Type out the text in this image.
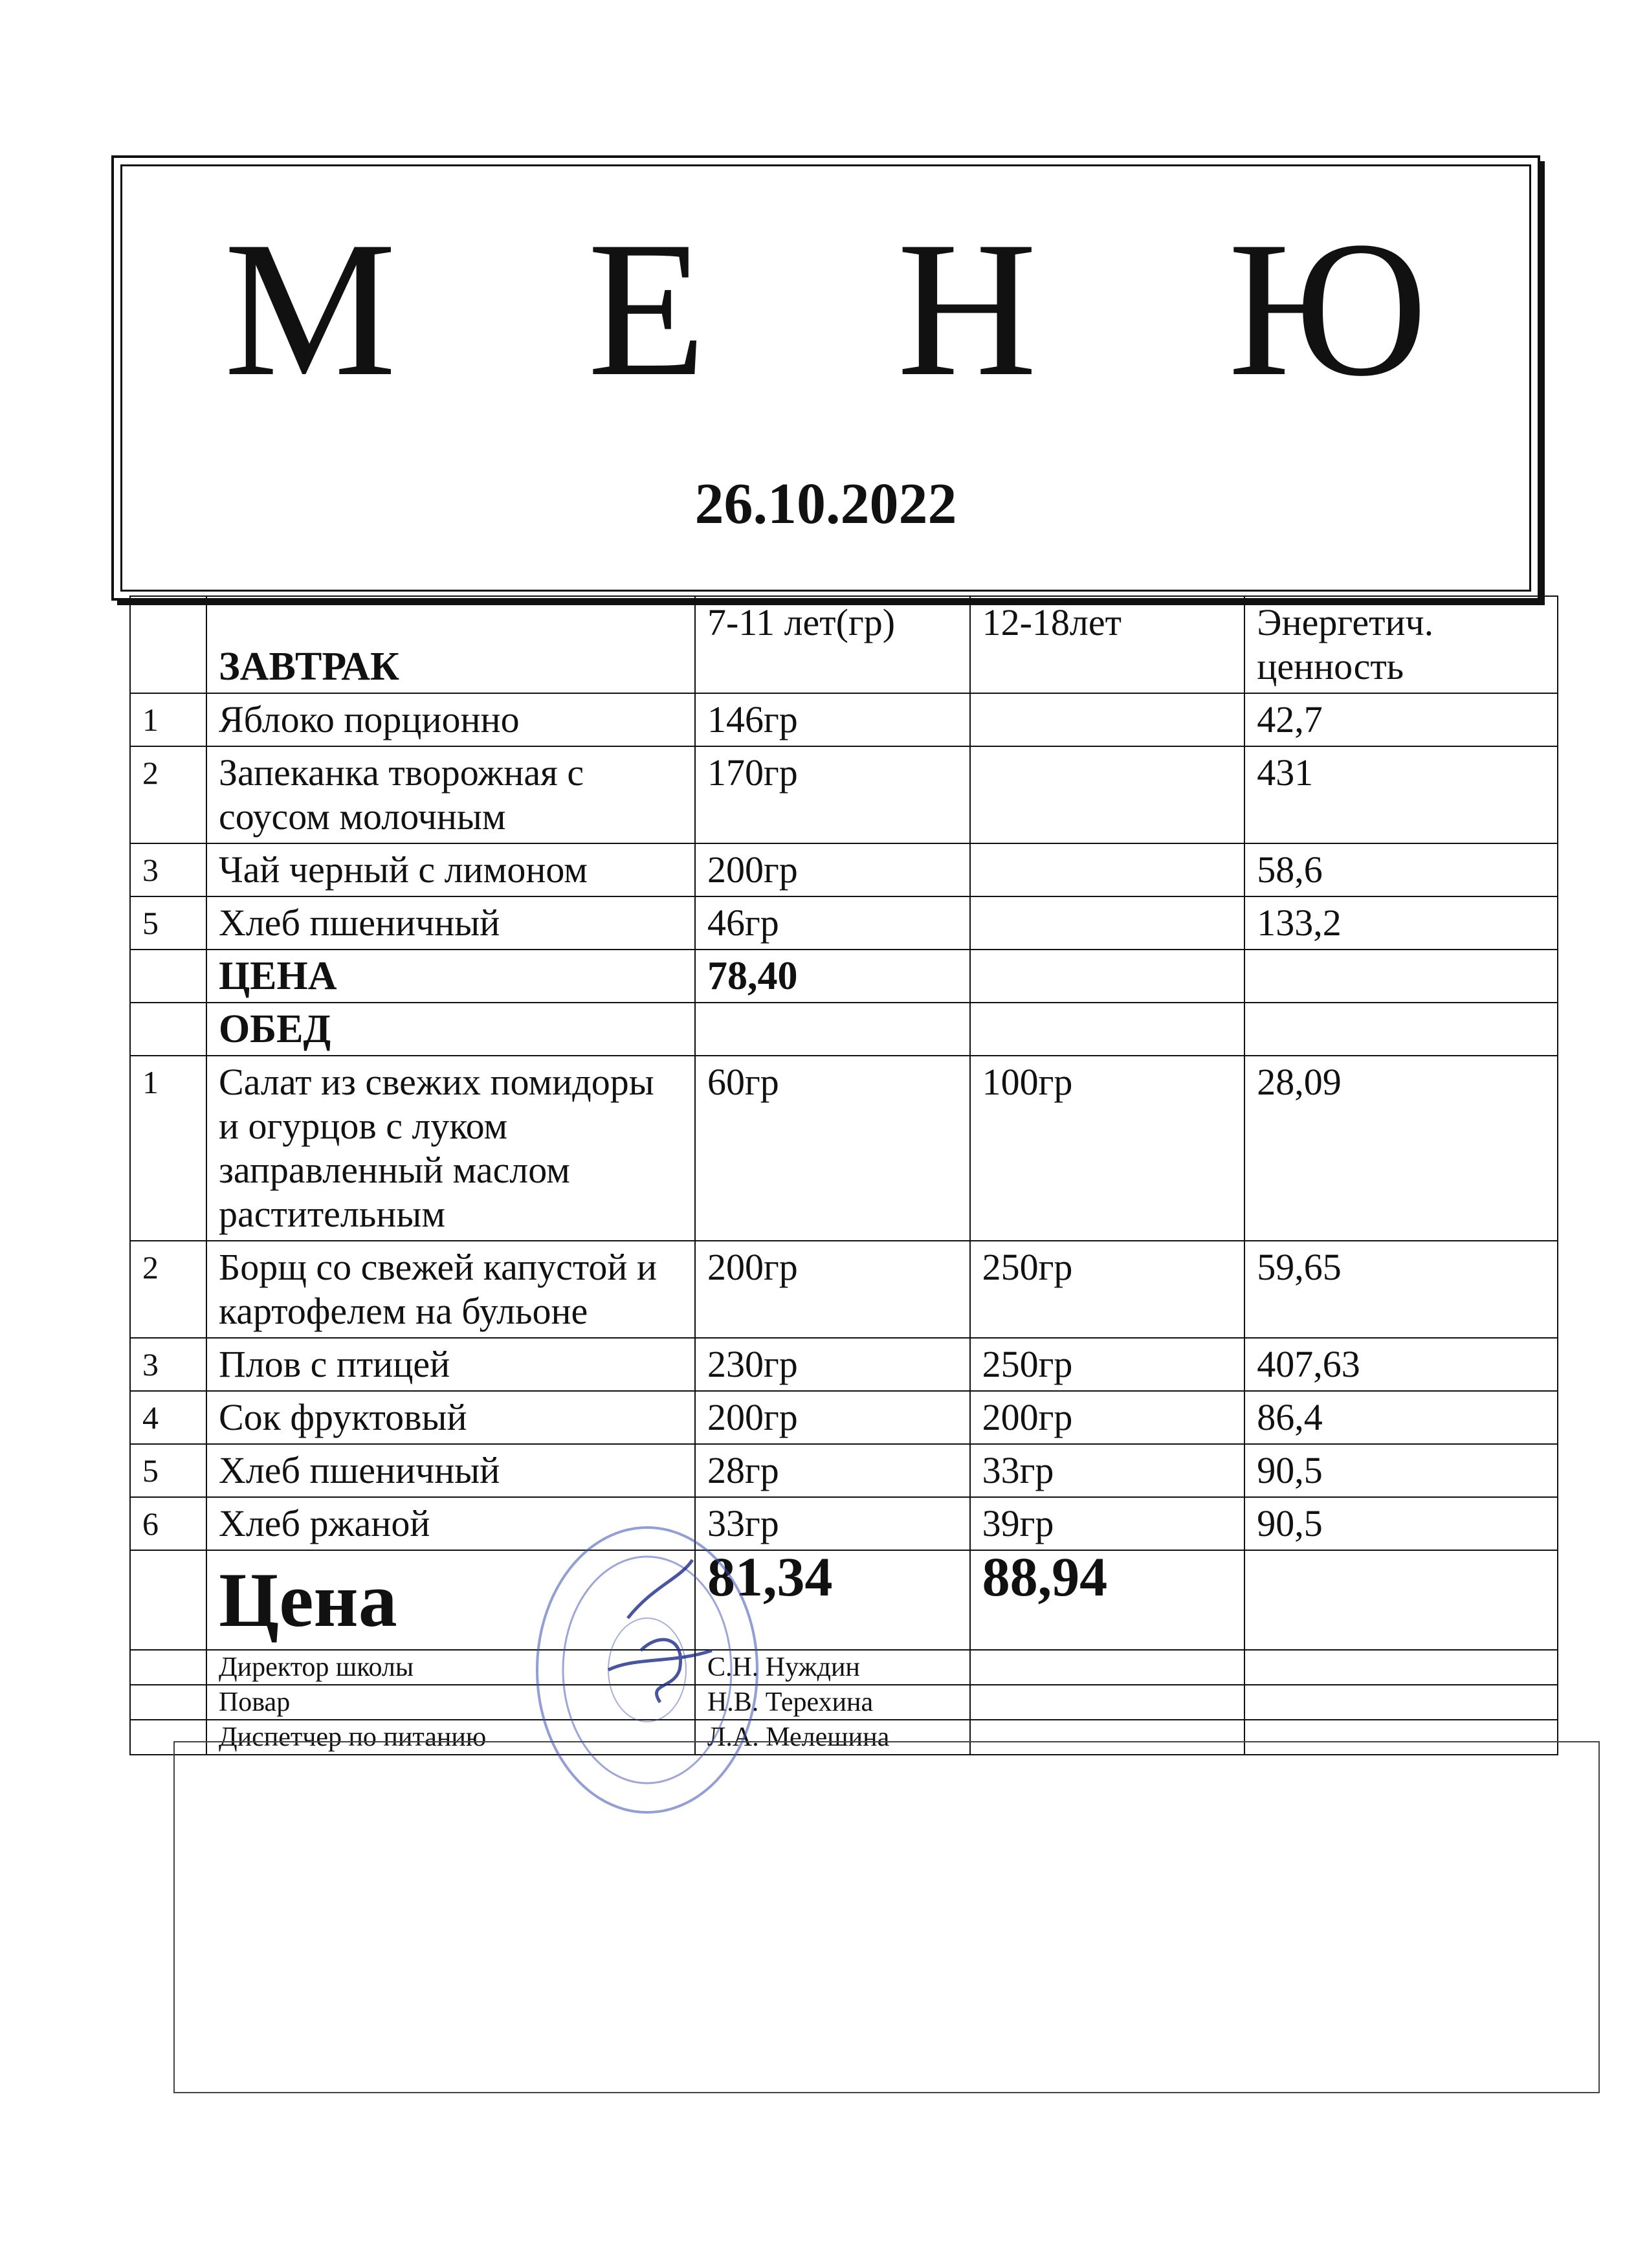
М Е Н Ю
26.10.2022
	ЗАВТРАК	7-11 лет(гр)	12-18лет	Энергетич. ценность
1	Яблоко порционно	146гр		42,7
2	Запеканка творожная с соусом молочным	170гр		431
3	Чай черный с лимоном	200гр		58,6
5	Хлеб пшеничный	46гр		133,2
	ЦЕНА	78,40		
	ОБЕД			
1	Салат из свежих помидоры и огурцов с луком заправленный маслом растительным	60гр	100гр	28,09
2	Борщ со свежей капустой и картофелем на бульоне	200гр	250гр	59,65
3	Плов с птицей	230гр	250гр	407,63
4	Сок фруктовый	200гр	200гр	86,4
5	Хлеб пшеничный	28гр	33гр	90,5
6	Хлеб ржаной	33гр	39гр	90,5
	Цена	81,34	88,94	
	Директор школы	С.Н. Нуждин		
	Повар	Н.В. Терехина		
	Диспетчер по питанию	Л.А. Мелешина		
